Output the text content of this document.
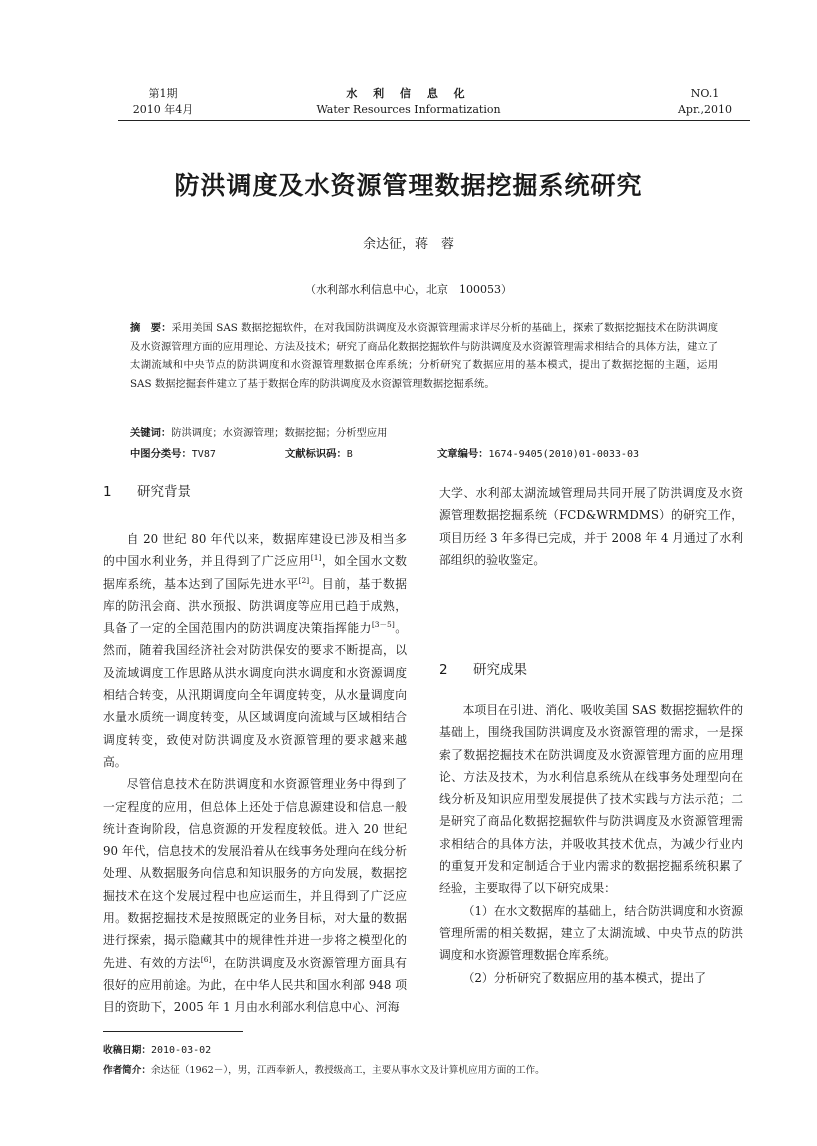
第1期
2010 年4月
水 利 信 息 化
Water Resources Informatization
NO.1
Apr.,2010
防洪调度及水资源管理数据挖掘系统研究
余达征，蒋　蓉
（水利部水利信息中心，北京　100053）
摘　要：采用美国 SAS 数据挖掘软件，在对我国防洪调度及水资源管理需求详尽分析的基础上，探索了数据挖掘技术在防洪调度及水资源管理方面的应用理论、方法及技术；研究了商品化数据挖掘软件与防洪调度及水资源管理需求相结合的具体方法，建立了太湖流域和中央节点的防洪调度和水资源管理数据仓库系统；分析研究了数据应用的基本模式，提出了数据挖掘的主题，运用 SAS 数据挖掘套件建立了基于数据仓库的防洪调度及水资源管理数据挖掘系统。
关键词：防洪调度；水资源管理；数据挖掘；分析型应用
中图分类号：TV87	文献标识码：B	文章编号：1674-9405(2010)01-0033-03

1 研究背景

自 20 世纪 80 年代以来，数据库建设已涉及相当多的中国水利业务，并且得到了广泛应用[1]，如全国水文数据库系统，基本达到了国际先进水平[2]。目前，基于数据库的防汛会商、洪水预报、防洪调度等应用已趋于成熟，具备了一定的全国范围内的防洪调度决策指挥能力[3－5]。然而，随着我国经济社会对防洪保安的要求不断提高，以及流域调度工作思路从洪水调度向洪水调度和水资源调度相结合转变，从汛期调度向全年调度转变，从水量调度向水量水质统一调度转变，从区域调度向流域与区域相结合调度转变，致使对防洪调度及水资源管理的要求越来越高。

尽管信息技术在防洪调度和水资源管理业务中得到了一定程度的应用，但总体上还处于信息源建设和信息一般统计查询阶段，信息资源的开发程度较低。进入 20 世纪 90 年代，信息技术的发展沿着从在线事务处理向在线分析处理、从数据服务向信息和知识服务的方向发展，数据挖掘技术在这个发展过程中也应运而生，并且得到了广泛应用。数据挖掘技术是按照既定的业务目标，对大量的数据进行探索，揭示隐藏其中的规律性并进一步将之模型化的先进、有效的方法[6]，在防洪调度及水资源管理方面具有很好的应用前途。为此，在中华人民共和国水利部 948 项目的资助下，2005 年 1 月由水利部水利信息中心、河海

大学、水利部太湖流域管理局共同开展了防洪调度及水资源管理数据挖掘系统（FCD&WRMDMS）的研究工作，项目历经 3 年多得已完成，并于 2008 年 4 月通过了水利部组织的验收鉴定。

2 研究成果

本项目在引进、消化、吸收美国 SAS 数据挖掘软件的基础上，围绕我国防洪调度及水资源管理的需求，一是探索了数据挖掘技术在防洪调度及水资源管理方面的应用理论、方法及技术，为水利信息系统从在线事务处理型向在线分析及知识应用型发展提供了技术实践与方法示范；二是研究了商品化数据挖掘软件与防洪调度及水资源管理需求相结合的具体方法，并吸收其技术优点，为减少行业内的重复开发和定制适合于业内需求的数据挖掘系统积累了经验，主要取得了以下研究成果：

（1）在水文数据库的基础上，结合防洪调度和水资源管理所需的相关数据，建立了太湖流域、中央节点的防洪调度和水资源管理数据仓库系统。

（2）分析研究了数据应用的基本模式，提出了

收稿日期：2010-03-02
作者简介：余达征（1962－），男，江西奉新人，教授级高工，主要从事水文及计算机应用方面的工作。
